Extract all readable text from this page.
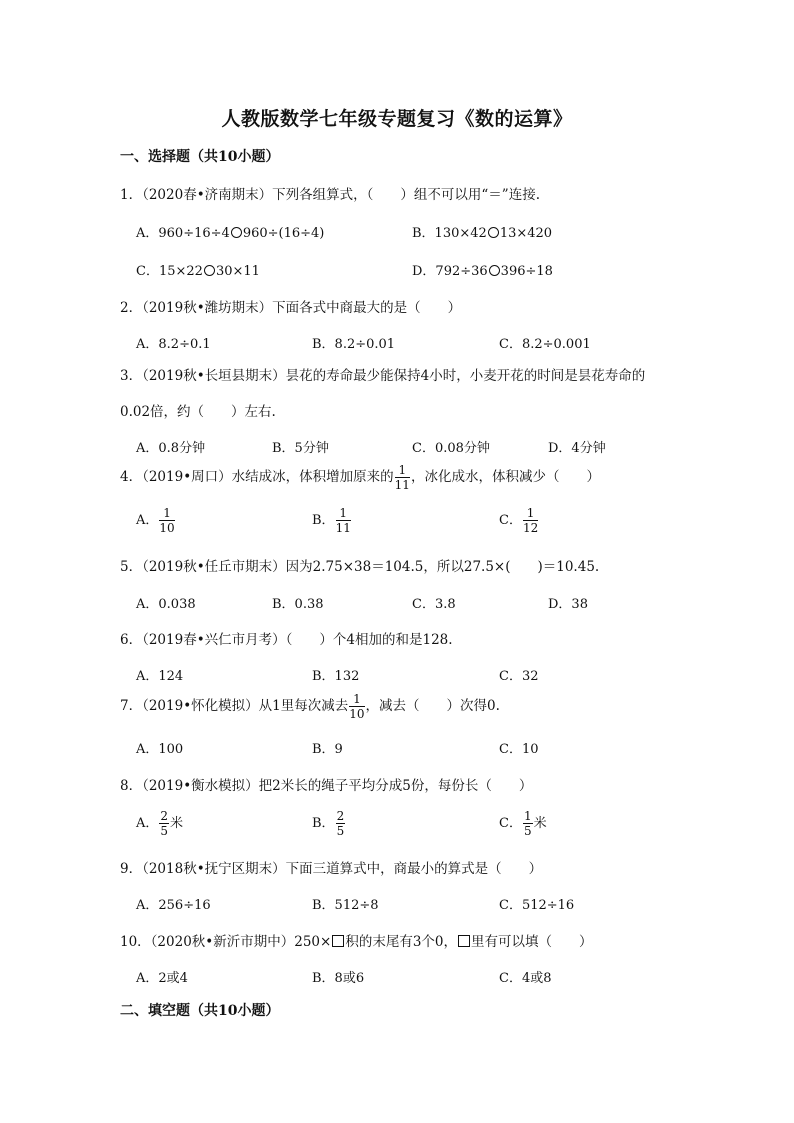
人教版数学七年级专题复习《数的运算》
一、选择题（共10小题）
1．（2020春•济南期末）下列各组算式，（　　）组不可以用“＝”连接.
A．960÷16÷4 960÷(16÷4)	B．130×42 13×420
C．15×22 30×11	D．792÷36 396÷18
2．（2019秋•潍坊期末）下面各式中商最大的是（　　）
A．8.2÷0.1	B．8.2÷0.01	C．8.2÷0.001
3．（2019秋•长垣县期末）昙花的寿命最少能保持4小时，小麦开花的时间是昙花寿命的
0.02倍，约（　　）左右.
A．0.8分钟	B．5分钟	C．0.08分钟	D．4分钟
4．（2019•周口）水结成冰，体积增加原来的 $\frac{1}{11}$ ，冰化成水，体积减少（　　）
A． $\frac{1}{10}$	B． $\frac{1}{11}$	C． $\frac{1}{12}$
5．（2019秋•任丘市期末）因为2.75×38＝104.5，所以27.5×(　　)＝10.45.
A．0.038	B．0.38	C．3.8	D．38
6．（2019春•兴仁市月考）（　　）个4相加的和是128.
A．124	B．132	C．32
7．（2019•怀化模拟）从1里每次减去 $\frac{1}{10}$ ，减去（　　）次得0.
A．100	B．9	C．10
8．（2019•衡水模拟）把2米长的绳子平均分成5份，每份长（　　）
A． $\frac{2}{5}$ 米	B． $\frac{2}{5}$	C． $\frac{1}{5}$ 米
9．（2018秋•抚宁区期末）下面三道算式中，商最小的算式是（　　）
A．256÷16	B．512÷8	C．512÷16
10．（2020秋•新沂市期中）250× 积的末尾有3个0， 里有可以填（　　）
A．2或4	B．8或6	C．4或8
二、填空题（共10小题）
